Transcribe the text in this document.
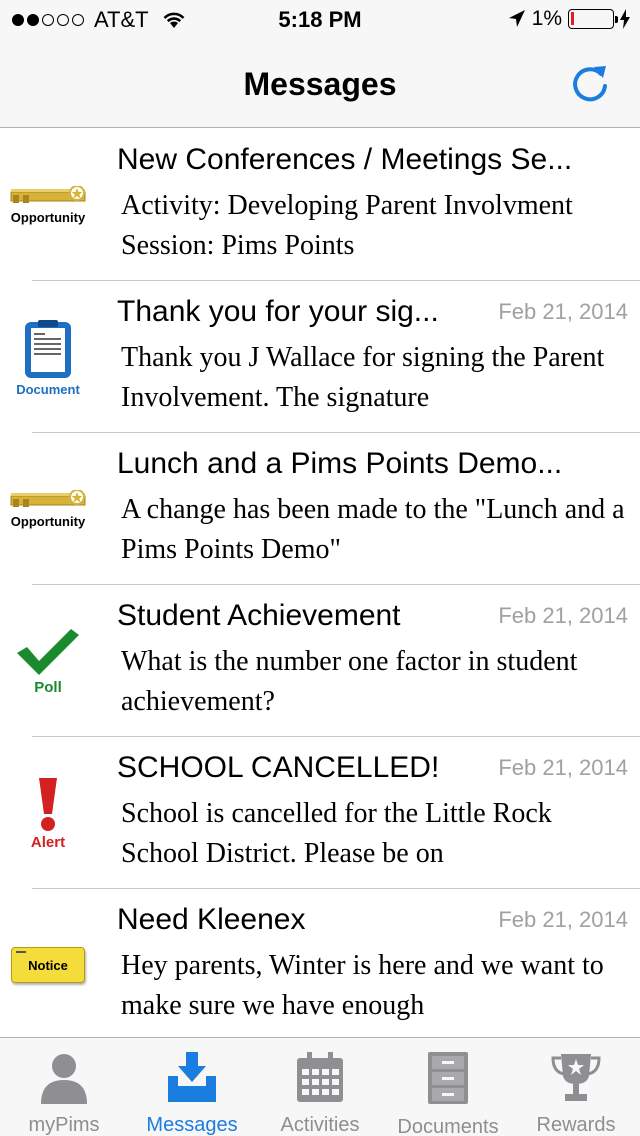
AT&T	5:18 PM	1%
Messages
Opportunity
New Conferences / Meetings Se...
Activity: Developing Parent Involvment Session: Pims Points
Document
Thank you for your sig...	Feb 21, 2014
Thank you J Wallace for signing the Parent Involvement. The signature
Opportunity
Lunch and a Pims Points Demo...
A change has been made to the "Lunch and a Pims Points Demo"
Poll
Student Achievement	Feb 21, 2014
What is the number one factor in student achievement?
Alert
SCHOOL CANCELLED!	Feb 21, 2014
School is cancelled for the Little Rock School District. Please be on
Notice
Need Kleenex	Feb 21, 2014
Hey parents, Winter is here and we want to make sure we have enough
myPims Messages Activities Documents Rewards
